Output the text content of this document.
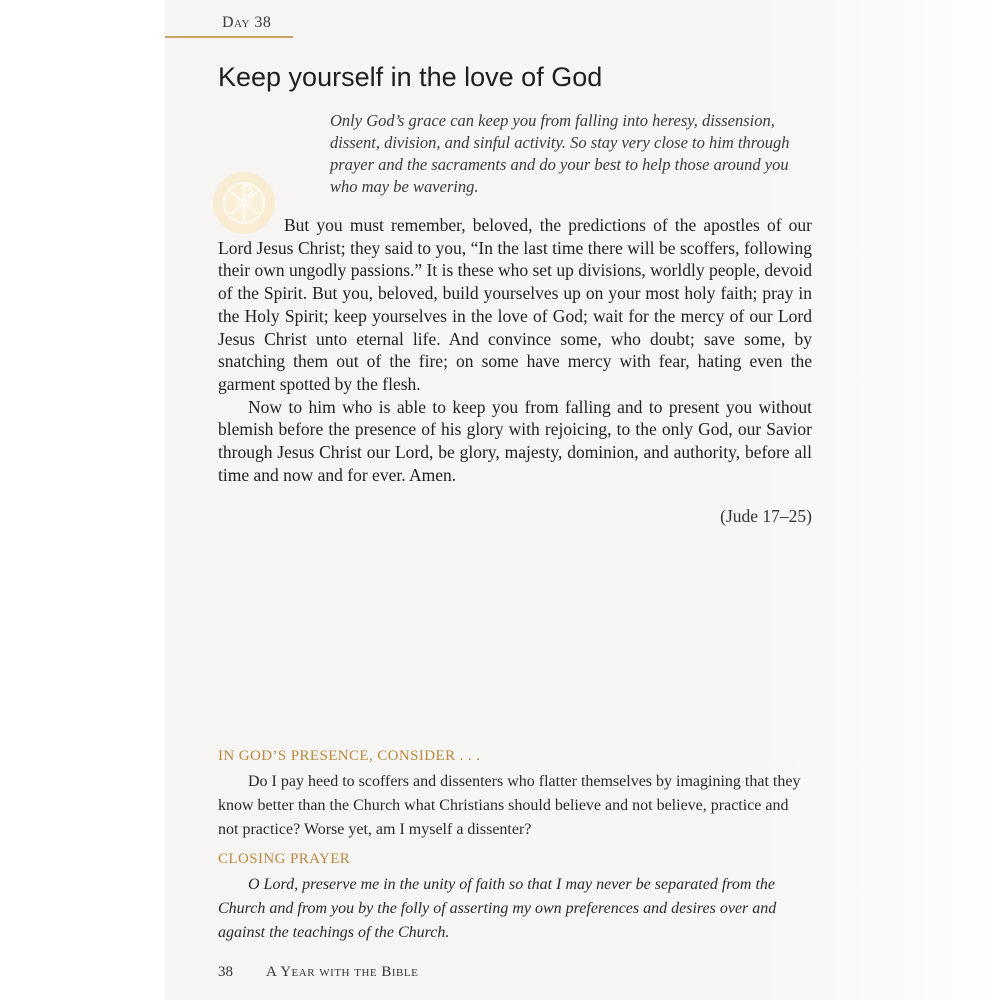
Day 38
Keep yourself in the love of God

Only God’s grace can keep you from falling into heresy, dissension, dissent, division, and sinful activity. So stay very close to him through prayer and the sacraments and do your best to help those around you who may be wavering.

But you must remember, beloved, the predictions of the apostles of our Lord Jesus Christ; they said to you, “In the last time there will be scoffers, following their own ungodly passions.” It is these who set up divisions, worldly people, devoid of the Spirit. But you, beloved, build yourselves up on your most holy faith; pray in the Holy Spirit; keep yourselves in the love of God; wait for the mercy of our Lord Jesus Christ unto eternal life. And convince some, who doubt; save some, by snatching them out of the fire; on some have mercy with fear, hating even the garment spotted by the flesh.

Now to him who is able to keep you from falling and to present you without blemish before the presence of his glory with rejoicing, to the only God, our Savior through Jesus Christ our Lord, be glory, majesty, dominion, and authority, before all time and now and for ever. Amen.

(Jude 17–25)
IN GOD’S PRESENCE, CONSIDER . . .

Do I pay heed to scoffers and dissenters who flatter themselves by imagining that they know better than the Church what Christians should believe and not believe, practice and not practice? Worse yet, am I myself a dissenter?

CLOSING PRAYER

O Lord, preserve me in the unity of faith so that I may never be separated from the Church and from you by the folly of asserting my own preferences and desires over and against the teachings of the Church.

38 A Year with the Bible
